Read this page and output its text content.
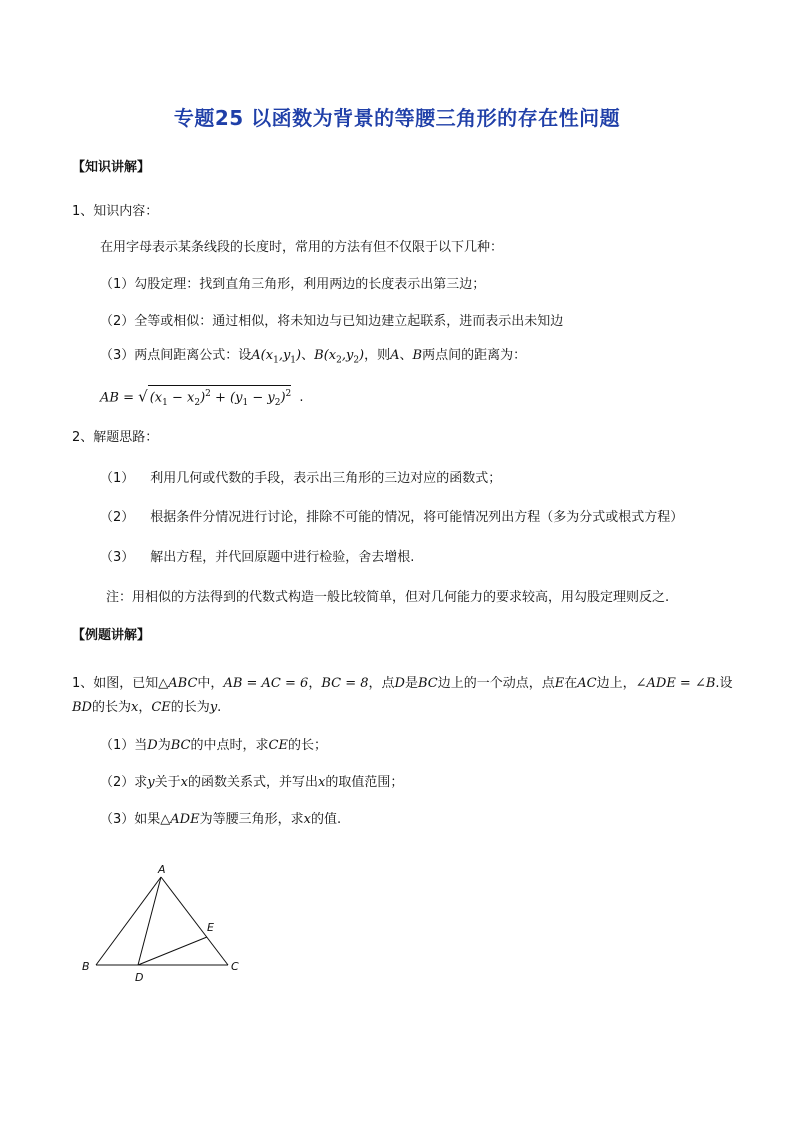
专题25 以函数为背景的等腰三角形的存在性问题
【知识讲解】
1、知识内容：
在用字母表示某条线段的长度时，常用的方法有但不仅限于以下几种：
（1）勾股定理：找到直角三角形，利用两边的长度表示出第三边；
（2）全等或相似：通过相似，将未知边与已知边建立起联系，进而表示出未知边
（3）两点间距离公式：设$A(x_1,y_1)$、$B(x_2,y_2)$，则A、B两点间的距离为：
AB = √ $(x_1 - x_2)^2 + (y_1 - y_2)^2$ .
2、解题思路：
（1） 利用几何或代数的手段，表示出三角形的三边对应的函数式；
（2） 根据条件分情况进行讨论，排除不可能的情况，将可能情况列出方程（多为分式或根式方程）
（3） 解出方程，并代回原题中进行检验，舍去增根.
注：用相似的方法得到的代数式构造一般比较简单，但对几何能力的要求较高，用勾股定理则反之.
【例题讲解】
1、如图，已知△ABC中，AB = AC = 6，BC = 8，点D是BC边上的一个动点，点E在AC边上，∠ADE = ∠B.设
BD的长为x，CE的长为y.
（1）当D为BC的中点时，求CE的长；
（2）求y关于x的函数关系式，并写出x的取值范围；
（3）如果△ADE为等腰三角形，求x的值.
A
B	C
D
E
